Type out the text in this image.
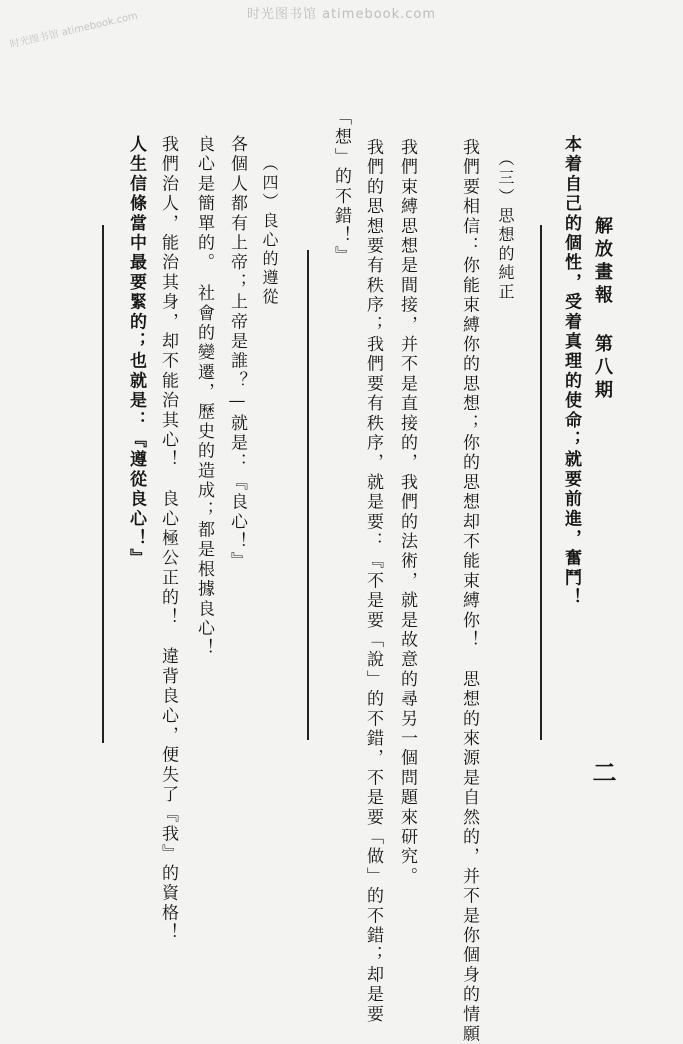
时光图书馆 atimebook.com
时光图书馆 atimebook.com
解放畫報 第八期
二
本着自己的個性，受着真理的使命；就要前進，奮鬥！
（三）思想的純正
我們要相信：你能束縛你的思想；你的思想却不能束縛你！　思想的來源是自然的，并不是你個身的情願
我們束縛思想是間接，并不是直接的，我們的法術，就是故意的尋另一個問題來研究。
我們的思想要有秩序；我們要有秩序，就是要：『不是要「說」的不錯，不是要「做」的不錯；却是要
「想」的不錯！』
（四）良心的遵從
各個人都有上帝；上帝是誰？—就是：『良心！』
良心是簡單的。　社會的變遷，歷史的造成；都是根據良心！
我們治人，能治其身，却不能治其心！　良心極公正的！　違背良心，便失了『我』的資格！
人生信條當中最要緊的；也就是：『遵從良心！』
